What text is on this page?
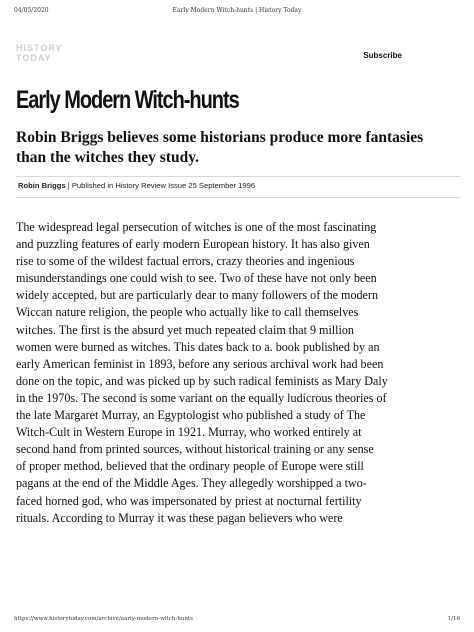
04/05/2020	Early Modern Witch-hunts | History Today
HISTORY
TODAY	Subscribe
Early Modern Witch-hunts

Robin Briggs believes some historians produce more fantasies
than the witches they study.

Robin Briggs | Published in History Review Issue 25 September 1996
The widespread legal persecution of witches is one of the most fascinating
and puzzling features of early modern European history. It has also given
rise to some of the wildest factual errors, crazy theories and ingenious
misunderstandings one could wish to see. Two of these have not only been
widely accepted, but are particularly dear to many followers of the modern
Wiccan nature religion, the people who actually like to call themselves
witches. The first is the absurd yet much repeated claim that 9 million
women were burned as witches. This dates back to a. book published by an
early American feminist in 1893, before any serious archival work had been
done on the topic, and was picked up by such radical feminists as Mary Daly
in the 1970s. The second is some variant on the equally ludicrous theories of
the late Margaret Murray, an Egyptologist who published a study of The
Witch-Cult in Western Europe in 1921. Murray, who worked entirely at
second hand from printed sources, without historical training or any sense
of proper method, believed that the ordinary people of Europe were still
pagans at the end of the Middle Ages. They allegedly worshipped a two-
faced horned god, who was impersonated by priest at nocturnal fertility
rituals. According to Murray it was these pagan believers who were
https://www.historytoday.com/archive/early-modern-witch-hunts	1/16
